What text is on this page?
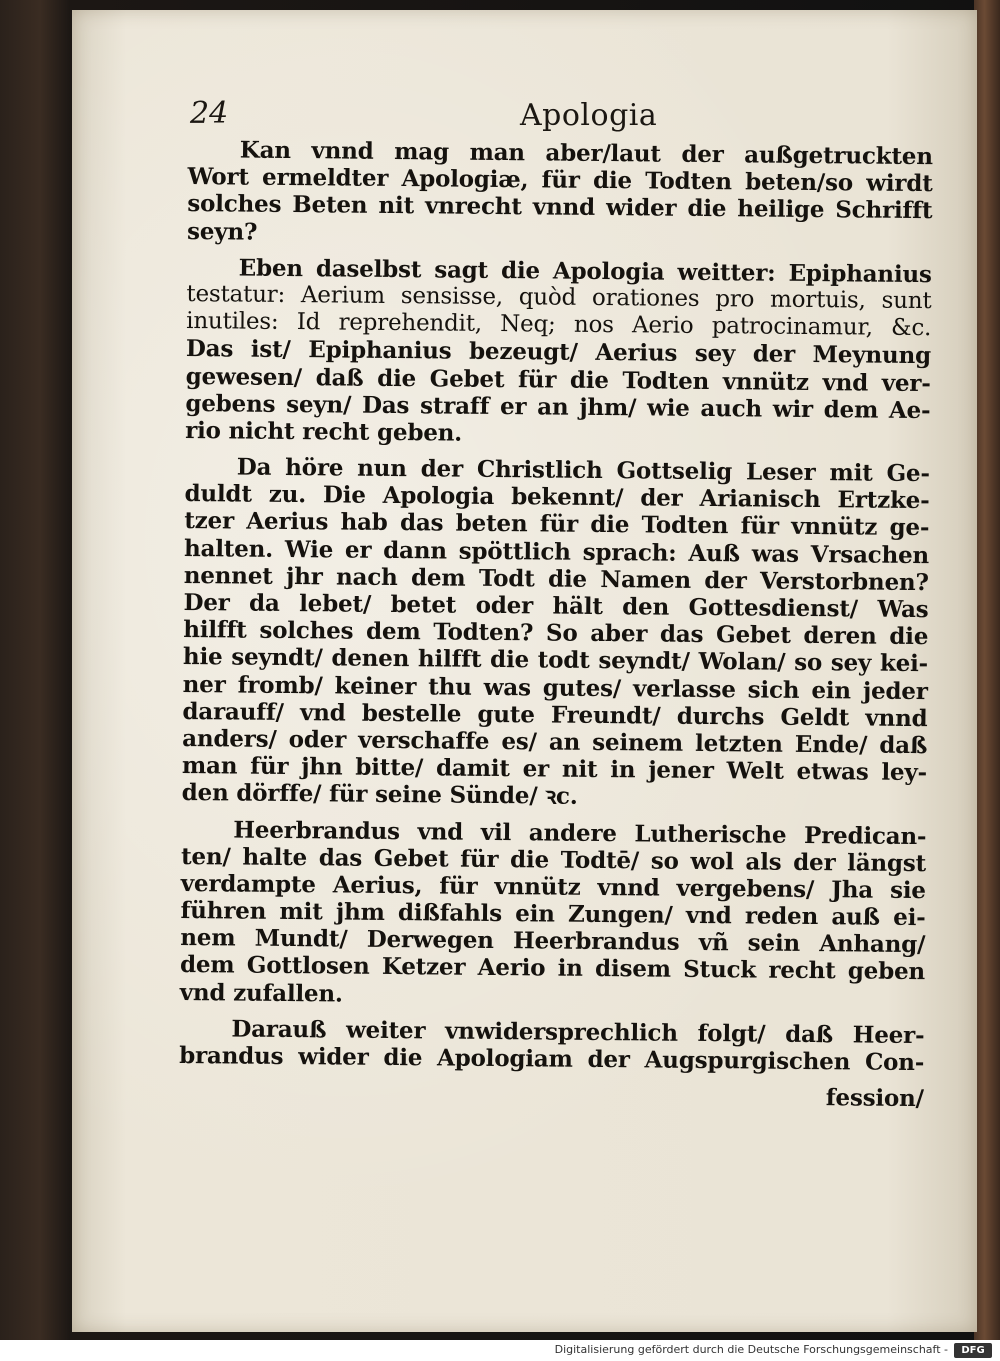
24	Apologia
Kan vnnd mag man aber/laut der außgetruckten
Wort ermeldter Apologiæ, für die Todten beten/so wirdt
solches Beten nit vnrecht vnnd wider die heilige Schrifft
seyn?
Eben daselbst sagt die Apologia weitter: Epiphanius
testatur: Aerium sensisse, quòd orationes pro mortuis, sunt
inutiles: Id reprehendit, Neq; nos Aerio patrocinamur, &c.
Das ist/ Epiphanius bezeugt/ Aerius sey der Meynung
gewesen/ daß die Gebet für die Todten vnnütz vnd ver-
gebens seyn/ Das straff er an jhm/ wie auch wir dem Ae-
rio nicht recht geben.
Da höre nun der Christlich Gottselig Leser mit Ge-
duldt zu. Die Apologia bekennt/ der Arianisch Ertzke-
tzer Aerius hab das beten für die Todten für vnnütz ge-
halten. Wie er dann spöttlich sprach: Auß was Vrsachen
nennet jhr nach dem Todt die Namen der Verstorbnen?
Der da lebet/ betet oder hält den Gottesdienst/ Was
hilfft solches dem Todten? So aber das Gebet deren die
hie seyndt/ denen hilfft die todt seyndt/ Wolan/ so sey kei-
ner fromb/ keiner thu was gutes/ verlasse sich ein jeder
darauff/ vnd bestelle gute Freundt/ durchs Geldt vnnd
anders/ oder verschaffe es/ an seinem letzten Ende/ daß
man für jhn bitte/ damit er nit in jener Welt etwas ley-
den dörffe/ für seine Sünde/ ꝛc.
Heerbrandus vnd vil andere Lutherische Predican-
ten/ halte das Gebet für die Todtē/ so wol als der längst
verdampte Aerius, für vnnütz vnnd vergebens/ Jha sie
führen mit jhm dißfahls ein Zungen/ vnd reden auß ei-
nem Mundt/ Derwegen Heerbrandus vñ sein Anhang/
dem Gottlosen Ketzer Aerio in disem Stuck recht geben
vnd zufallen.
Darauß weiter vnwidersprechlich folgt/ daß Heer-
brandus wider die Apologiam der Augspurgischen Con-
fession/
Digitalisierung gefördert durch die Deutsche Forschungsgemeinschaft -	DFG
